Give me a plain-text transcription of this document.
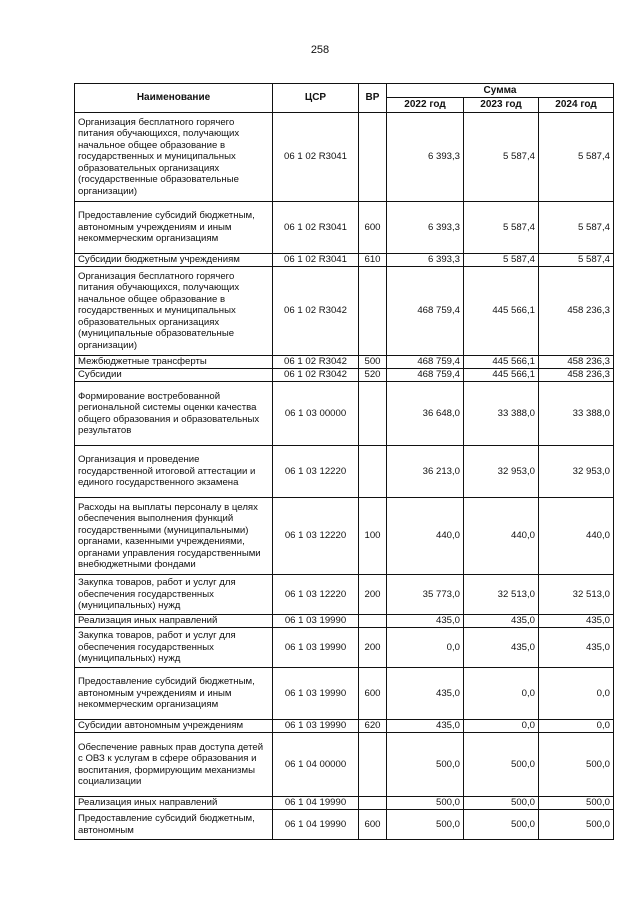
258
Наименование	ЦСР	ВР	Сумма		
			2022 год	2023 год	2024 год
Организация бесплатного горячего питания обучающихся, получающих начальное общее образование в государственных и муниципальных образовательных организациях (государственные образовательные организации)	06 1 02 R3041		6 393,3	5 587,4	5 587,4
Предоставление субсидий бюджетным, автономным учреждениям и иным некоммерческим организациям	06 1 02 R3041	600	6 393,3	5 587,4	5 587,4
Субсидии бюджетным учреждениям	06 1 02 R3041	610	6 393,3	5 587,4	5 587,4
Организация бесплатного горячего питания обучающихся, получающих начальное общее образование в государственных и муниципальных образовательных организациях (муниципальные образовательные организации)	06 1 02 R3042		468 759,4	445 566,1	458 236,3
Межбюджетные трансферты	06 1 02 R3042	500	468 759,4	445 566,1	458 236,3
Субсидии	06 1 02 R3042	520	468 759,4	445 566,1	458 236,3
Формирование востребованной региональной системы оценки качества общего образования и образовательных результатов	06 1 03 00000		36 648,0	33 388,0	33 388,0
Организация и проведение государственной итоговой аттестации и единого государственного экзамена	06 1 03 12220		36 213,0	32 953,0	32 953,0
Расходы на выплаты персоналу в целях обеспечения выполнения функций государственными (муниципальными) органами, казенными учреждениями, органами управления государственными внебюджетными фондами	06 1 03 12220	100	440,0	440,0	440,0
Закупка товаров, работ и услуг для обеспечения государственных (муниципальных) нужд	06 1 03 12220	200	35 773,0	32 513,0	32 513,0
Реализация иных направлений	06 1 03 19990		435,0	435,0	435,0
Закупка товаров, работ и услуг для обеспечения государственных (муниципальных) нужд	06 1 03 19990	200	0,0	435,0	435,0
Предоставление субсидий бюджетным, автономным учреждениям и иным некоммерческим организациям	06 1 03 19990	600	435,0	0,0	0,0
Субсидии автономным учреждениям	06 1 03 19990	620	435,0	0,0	0,0
Обеспечение равных прав доступа детей с ОВЗ к услугам в сфере образования и воспитания, формирующим механизмы социализации	06 1 04 00000		500,0	500,0	500,0
Реализация иных направлений	06 1 04 19990		500,0	500,0	500,0
Предоставление субсидий бюджетным, автономным	06 1 04 19990	600	500,0	500,0	500,0
